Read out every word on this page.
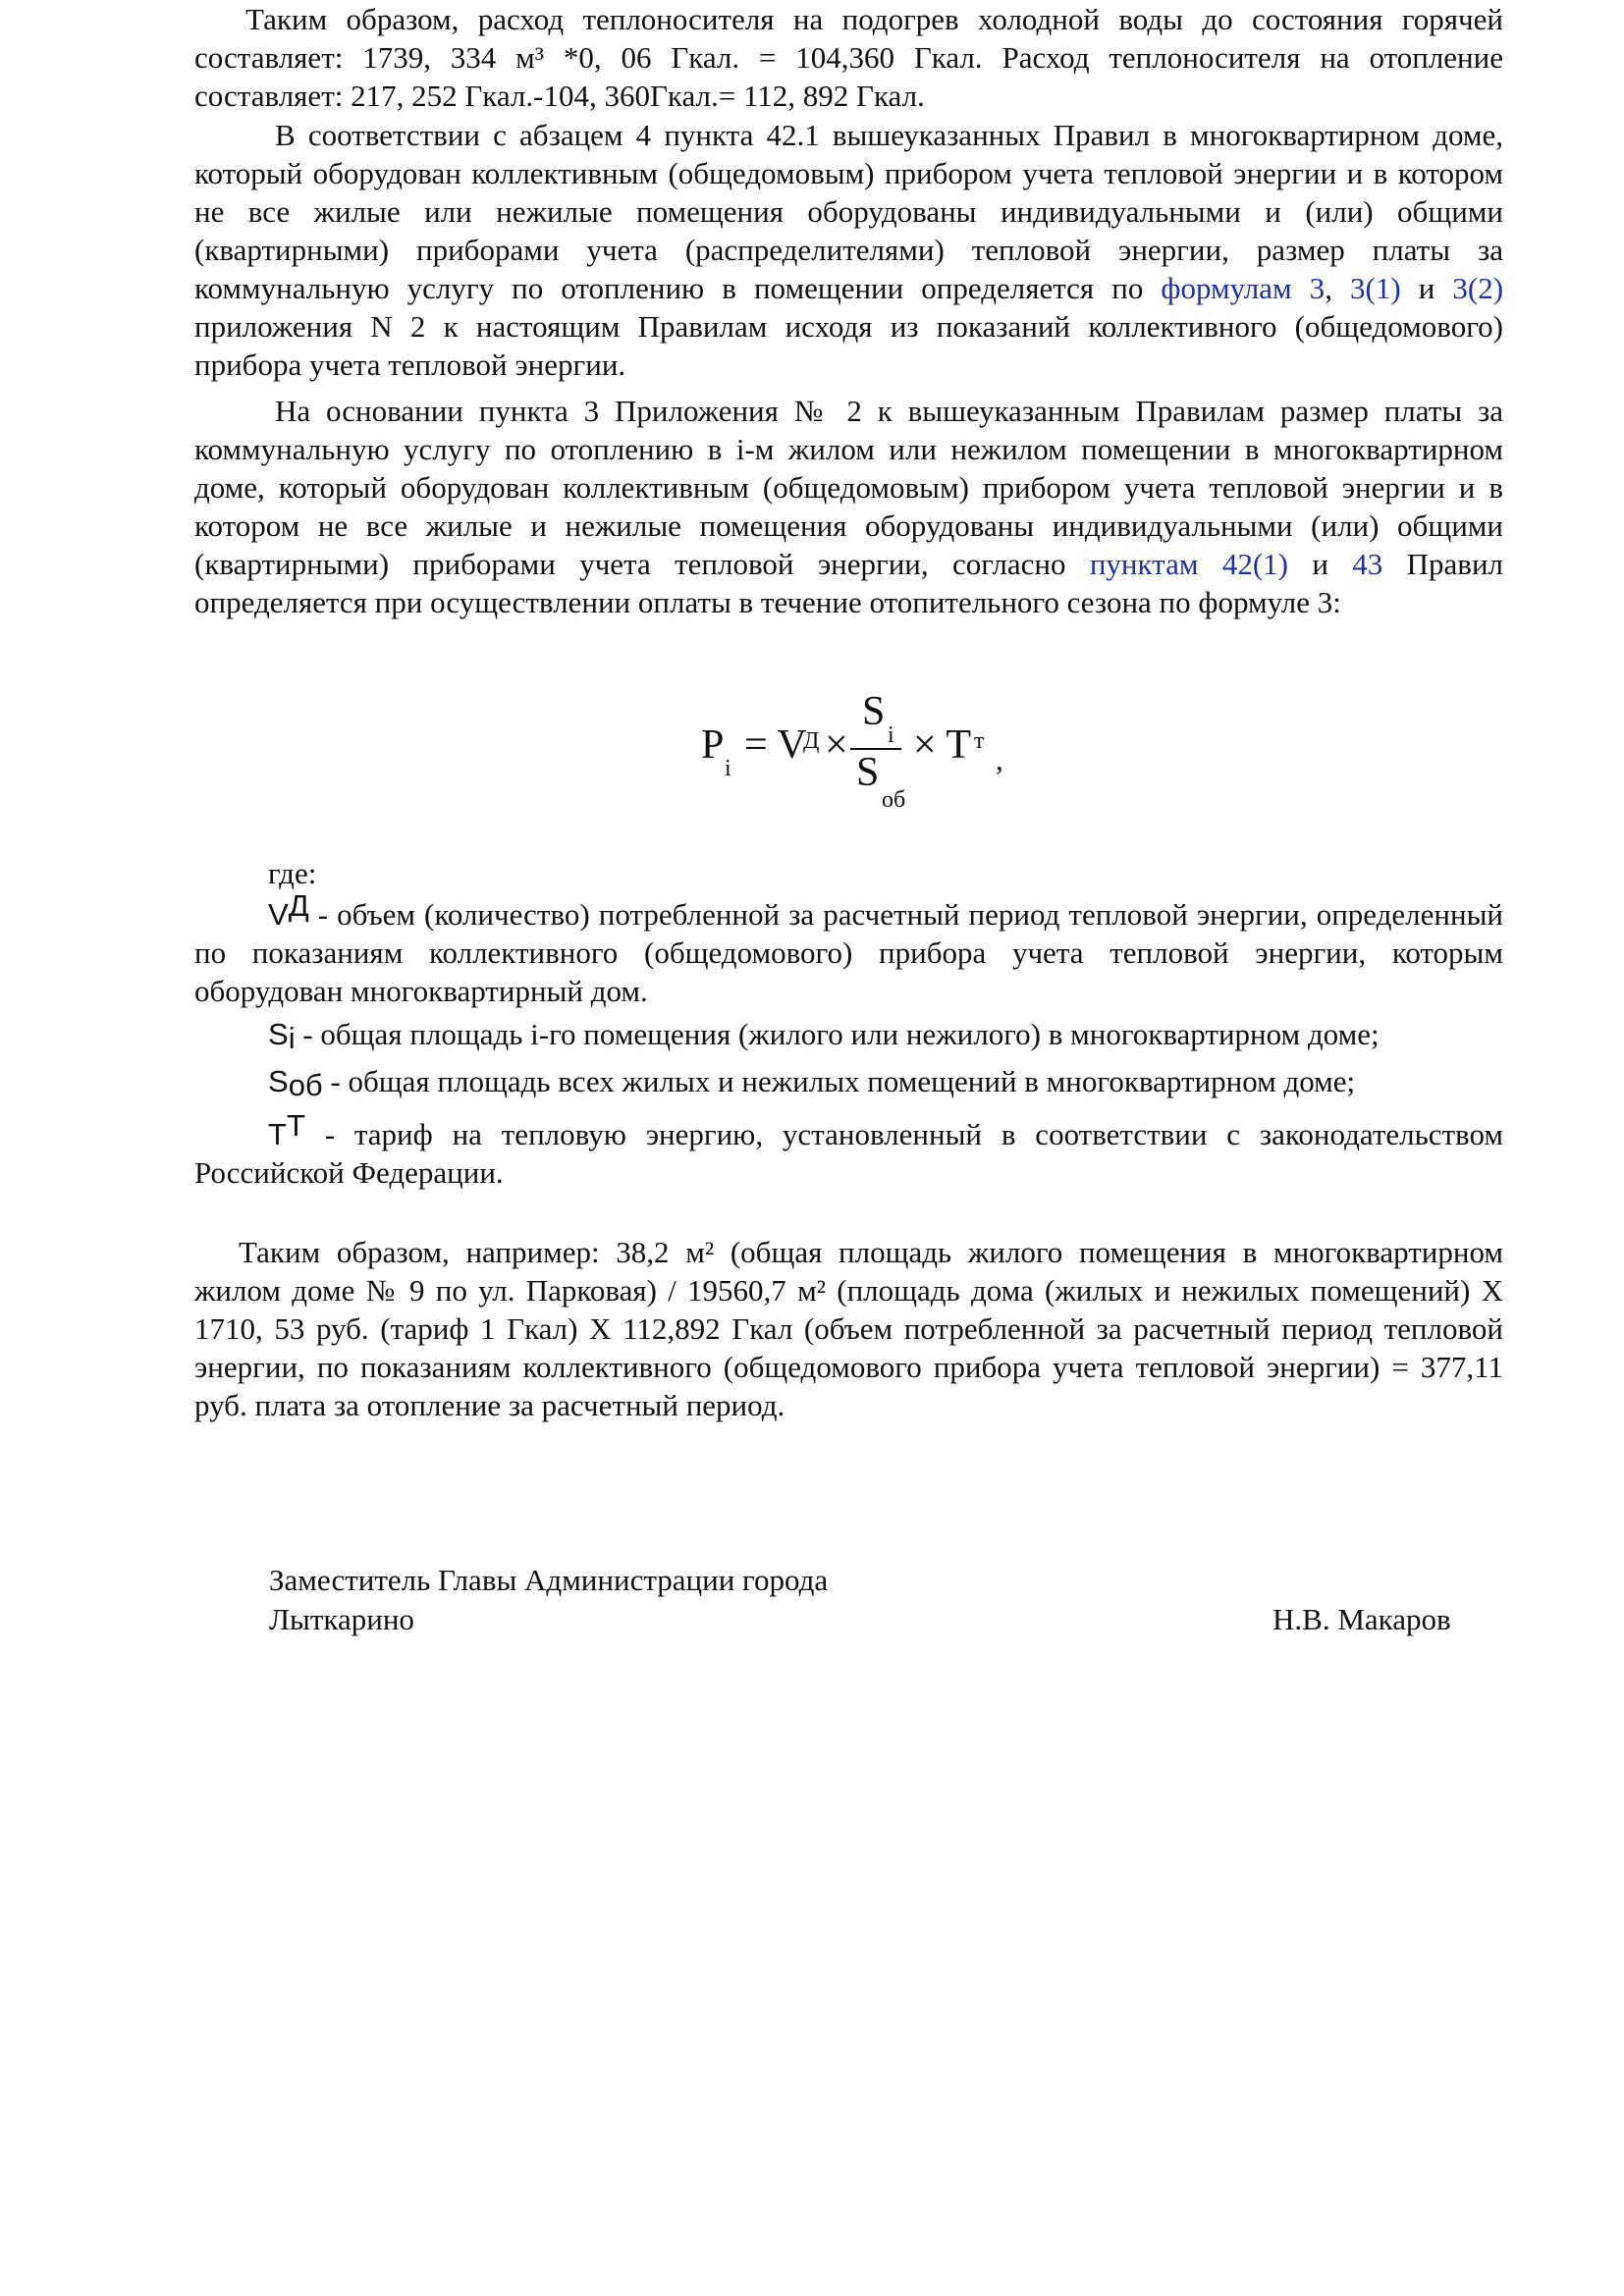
Таким образом, расход теплоносителя на подогрев холодной воды до состояния горячей составляет: 1739, 334 м³ *0, 06 Гкал. = 104,360 Гкал. Расход теплоносителя на отопление составляет: 217, 252 Гкал.-104, 360Гкал.= 112, 892 Гкал.

В соответствии с абзацем 4 пункта 42.1 вышеуказанных Правил в многоквартирном доме, который оборудован коллективным (общедомовым) прибором учета тепловой энергии и в котором не все жилые или нежилые помещения оборудованы индивидуальными и (или) общими (квартирными) приборами учета (распределителями) тепловой энергии, размер платы за коммунальную услугу по отоплению в помещении определяется по формулам 3, 3(1) и 3(2) приложения N 2 к настоящим Правилам исходя из показаний коллективного (общедомового) прибора учета тепловой энергии.

На основании пункта 3 Приложения № 2 к вышеуказанным Правилам размер платы за коммунальную услугу по отоплению в i-м жилом или нежилом помещении в многоквартирном доме, который оборудован коллективным (общедомовым) прибором учета тепловой энергии и в котором не все жилые и нежилые помещения оборудованы индивидуальными (или) общими (квартирными) приборами учета тепловой энергии, согласно пунктам 42(1) и 43 Правил определяется при осуществлении оплаты в течение отопительного сезона по формуле 3:

P
i
= V
Д ×
S
i
S
об
× T т
,

где:

$V^Д$ - объем (количество) потребленной за расчетный период тепловой энергии, определенный по показаниям коллективного (общедомового) прибора учета тепловой энергии, которым оборудован многоквартирный дом.

$S_i$ - общая площадь i-го помещения (жилого или нежилого) в многоквартирном доме;

$S_{об}$ - общая площадь всех жилых и нежилых помещений в многоквартирном доме;

$T^Т$ - тариф на тепловую энергию, установленный в соответствии с законодательством Российской Федерации.

Таким образом, например: 38,2 м² (общая площадь жилого помещения в многоквартирном жилом доме № 9 по ул. Парковая) / 19560,7 м² (площадь дома (жилых и нежилых помещений) Х 1710, 53 руб. (тариф 1 Гкал) Х 112,892 Гкал (объем потребленной за расчетный период тепловой энергии, по показаниям коллективного (общедомового прибора учета тепловой энергии) = 377,11 руб. плата за отопление за расчетный период.

Заместитель Главы Администрации города
Лыткарино	Н.В. Макаров
